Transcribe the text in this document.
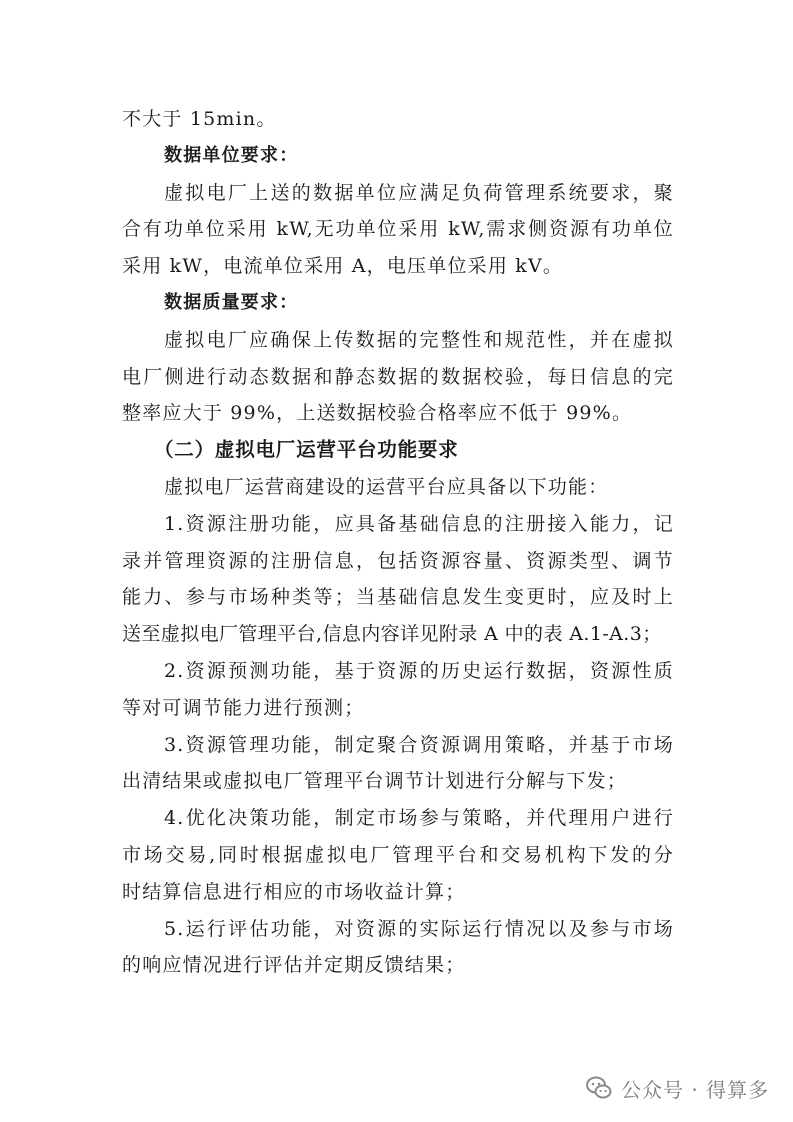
不大于 15min。
数据单位要求：
虚拟电厂上送的数据单位应满足负荷管理系统要求，聚
合有功单位采用 kW,无功单位采用 kW,需求侧资源有功单位
采用 kW，电流单位采用 A，电压单位采用 kV。
数据质量要求：
虚拟电厂应确保上传数据的完整性和规范性，并在虚拟
电厂侧进行动态数据和静态数据的数据校验，每日信息的完
整率应大于 99%，上送数据校验合格率应不低于 99%。
（二）虚拟电厂运营平台功能要求
虚拟电厂运营商建设的运营平台应具备以下功能：
1.资源注册功能，应具备基础信息的注册接入能力，记
录并管理资源的注册信息，包括资源容量、资源类型、调节
能力、参与市场种类等；当基础信息发生变更时，应及时上
送至虚拟电厂管理平台,信息内容详见附录 A 中的表 A.1-A.3；
2.资源预测功能，基于资源的历史运行数据，资源性质
等对可调节能力进行预测；
3.资源管理功能，制定聚合资源调用策略，并基于市场
出清结果或虚拟电厂管理平台调节计划进行分解与下发；
4.优化决策功能，制定市场参与策略，并代理用户进行
市场交易,同时根据虚拟电厂管理平台和交易机构下发的分
时结算信息进行相应的市场收益计算；
5.运行评估功能，对资源的实际运行情况以及参与市场
的响应情况进行评估并定期反馈结果；
公众号 · 得算多
